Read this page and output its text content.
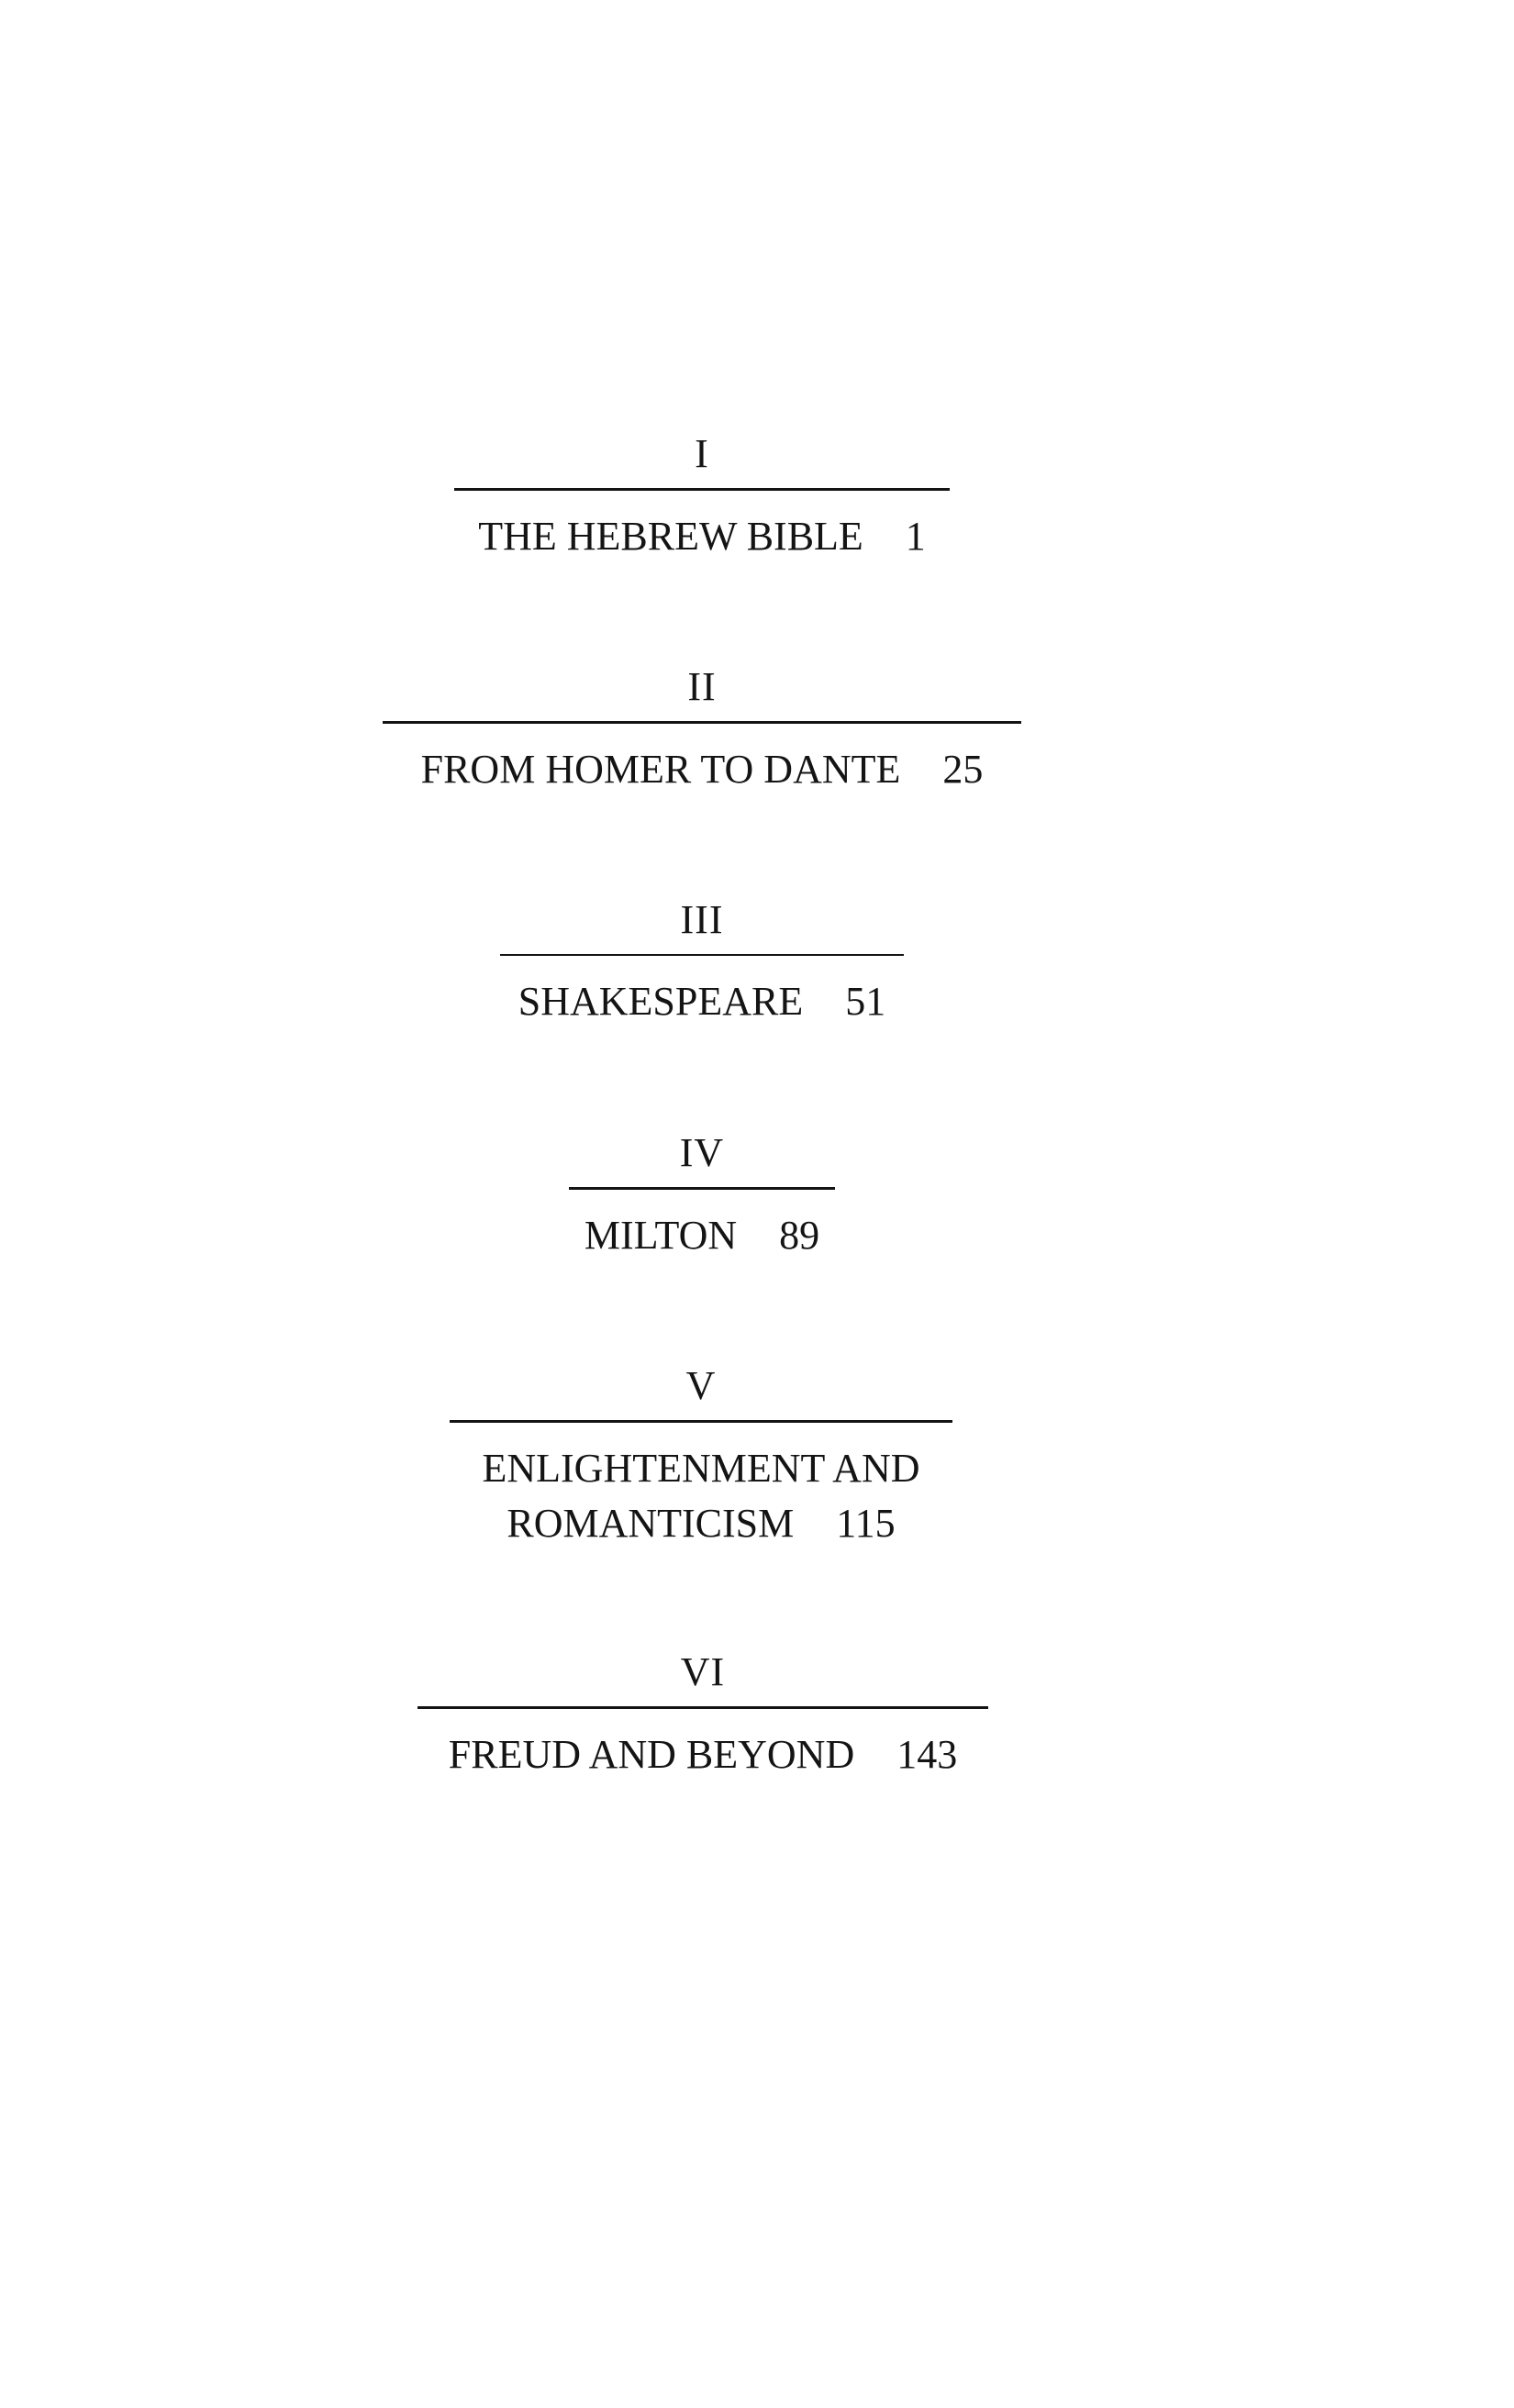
I
THE HEBREW BIBLE 1
II
FROM HOMER TO DANTE 25
III
SHAKESPEARE 51
IV
MILTON 89
V
ENLIGHTENMENT AND
ROMANTICISM 115
VI
FREUD AND BEYOND 143
